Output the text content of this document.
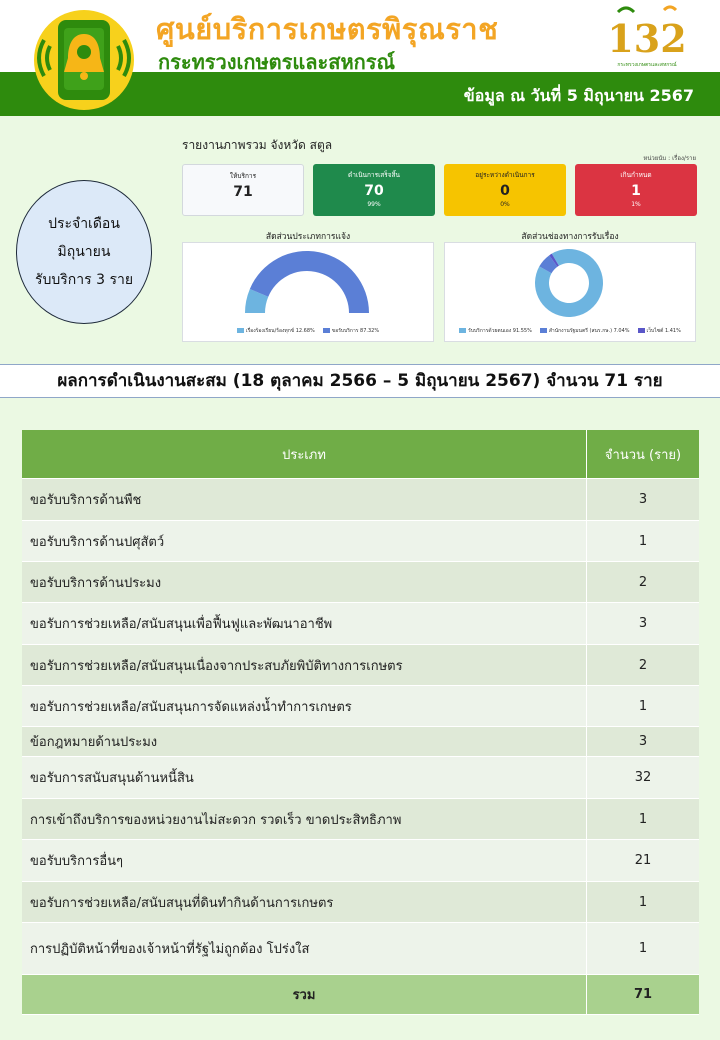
ศูนย์บริการเกษตรพิรุณราช
กระทรวงเกษตรและสหกรณ์
132
กระทรวงเกษตรและสหกรณ์
ข้อมูล ณ วันที่ 5 มิถุนายน 2567
ประจำเดือน
มิถุนายน
รับบริการ 3 ราย
รายงานภาพรวม จังหวัด สตูล
หน่วยนับ : เรื่อง/ราย
ให้บริการ
71
ดำเนินการเสร็จสิ้น
70
99%
อยู่ระหว่างดำเนินการ
0
0%
เกินกำหนด
1
1%
สัดส่วนประเภทการแจ้ง	สัดส่วนช่องทางการรับเรื่อง
เรื่องร้องเรียน/ร้องทุกข์ 12.68%	ขอรับบริการ 87.32%	รับบริการด้วยตนเอง 91.55%	สำนักงานรัฐมนตรี (สนร.กษ.) 7.04%	เว็บไซต์ 1.41%
ผลการดำเนินงานสะสม (18 ตุลาคม 2566 – 5 มิถุนายน 2567) จำนวน 71 ราย
ประเภท	จำนวน (ราย)
ขอรับบริการด้านพืช	3
ขอรับบริการด้านปศุสัตว์	1
ขอรับบริการด้านประมง	2
ขอรับการช่วยเหลือ/สนับสนุนเพื่อฟื้นฟูและพัฒนาอาชีพ	3
ขอรับการช่วยเหลือ/สนับสนุนเนื่องจากประสบภัยพิบัติทางการเกษตร	2
ขอรับการช่วยเหลือ/สนับสนุนการจัดแหล่งน้ำทำการเกษตร	1
ข้อกฎหมายด้านประมง	3
ขอรับการสนับสนุนด้านหนี้สิน	32
การเข้าถึงบริการของหน่วยงานไม่สะดวก รวดเร็ว ขาดประสิทธิภาพ	1
ขอรับบริการอื่นๆ	21
ขอรับการช่วยเหลือ/สนับสนุนที่ดินทำกินด้านการเกษตร	1
การปฏิบัติหน้าที่ของเจ้าหน้าที่รัฐไม่ถูกต้อง โปร่งใส	1
รวม	71
